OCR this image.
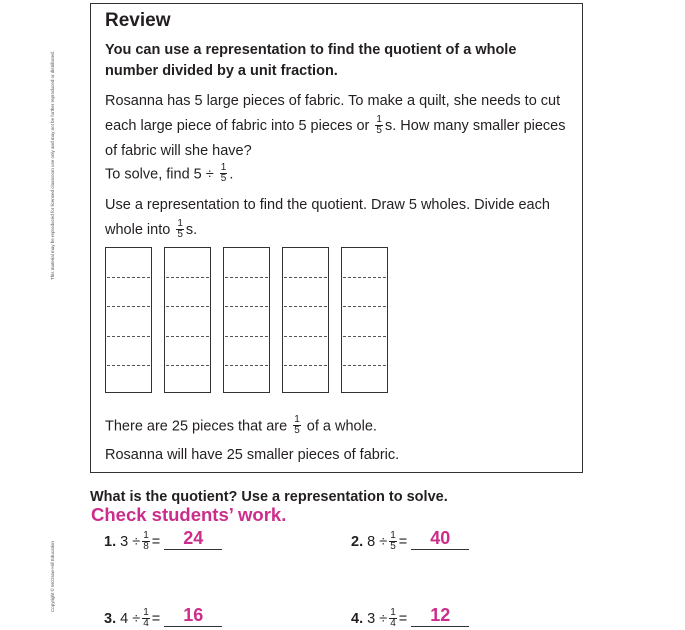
This material may be reproduced for licensed classroom use only and may not be further reproduced or distributed.
Copyright © McGraw-Hill Education
Review
You can use a representation to find the quotient of a whole number divided by a unit fraction.
Rosanna has 5 large pieces of fabric. To make a quilt, she needs to cut each large piece of fabric into 5 pieces or $\frac{1}{5} s$. How many smaller pieces of fabric will she have?
To solve, find $5 \div \frac{1}{5}$ .
Use a representation to find the quotient. Draw 5 wholes. Divide each whole into $\frac{1}{5} s$.
There are 25 pieces that are $\frac{1}{5}$ of a whole.
Rosanna will have 25 smaller pieces of fabric.
What is the quotient? Use a representation to solve.
Check students’ work.
1. $3 \div \frac{1}{8} = 24$	2. $8 \div \frac{1}{5} = 40$
3. $4 \div \frac{1}{4} = 16$	4. $3 \div \frac{1}{4} = 12$
